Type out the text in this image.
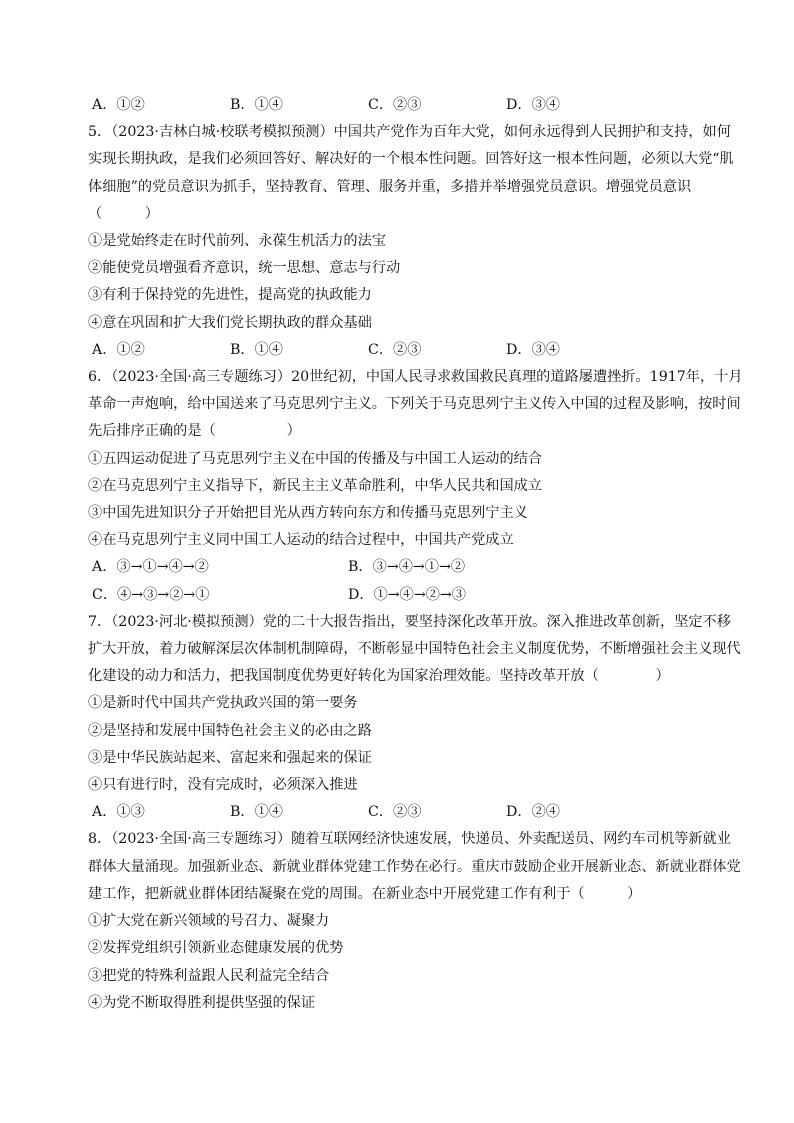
A．①②	B．①④	C．②③	D．③④
5．（2023·吉林白城·校联考模拟预测）中国共产党作为百年大党，如何永远得到人民拥护和支持，如何
实现长期执政，是我们必须回答好、解决好的一个根本性问题。回答好这一根本性问题，必须以大党“肌
体细胞”的党员意识为抓手，坚持教育、管理、服务并重，多措并举增强党员意识。增强党员意识
（　　　）
①是党始终走在时代前列、永葆生机活力的法宝
②能使党员增强看齐意识，统一思想、意志与行动
③有利于保持党的先进性，提高党的执政能力
④意在巩固和扩大我们党长期执政的群众基础
A．①②	B．①④	C．②③	D．③④
6．（2023·全国·高三专题练习）20世纪初，中国人民寻求救国救民真理的道路屡遭挫折。1917年，十月
革命一声炮响，给中国送来了马克思列宁主义。下列关于马克思列宁主义传入中国的过程及影响，按时间
先后排序正确的是（　　　　　）
①五四运动促进了马克思列宁主义在中国的传播及与中国工人运动的结合
②在马克思列宁主义指导下，新民主主义革命胜利，中华人民共和国成立
③中国先进知识分子开始把目光从西方转向东方和传播马克思列宁主义
④在马克思列宁主义同中国工人运动的结合过程中，中国共产党成立
A．③→①→④→②	B．③→④→①→②
C．④→③→②→①	D．①→④→②→③
7．（2023·河北·模拟预测）党的二十大报告指出，要坚持深化改革开放。深入推进改革创新，坚定不移
扩大开放，着力破解深层次体制机制障碍，不断彰显中国特色社会主义制度优势，不断增强社会主义现代
化建设的动力和活力，把我国制度优势更好转化为国家治理效能。坚持改革开放（　　　　）
①是新时代中国共产党执政兴国的第一要务
②是坚持和发展中国特色社会主义的必由之路
③是中华民族站起来、富起来和强起来的保证
④只有进行时，没有完成时，必须深入推进
A．①③	B．①④	C．②③	D．②④
8．（2023·全国·高三专题练习）随着互联网经济快速发展，快递员、外卖配送员、网约车司机等新就业
群体大量涌现。加强新业态、新就业群体党建工作势在必行。重庆市鼓励企业开展新业态、新就业群体党
建工作，把新就业群体团结凝聚在党的周围。在新业态中开展党建工作有利于（　　　）
①扩大党在新兴领域的号召力、凝聚力
②发挥党组织引领新业态健康发展的优势
③把党的特殊利益跟人民利益完全结合
④为党不断取得胜利提供坚强的保证
